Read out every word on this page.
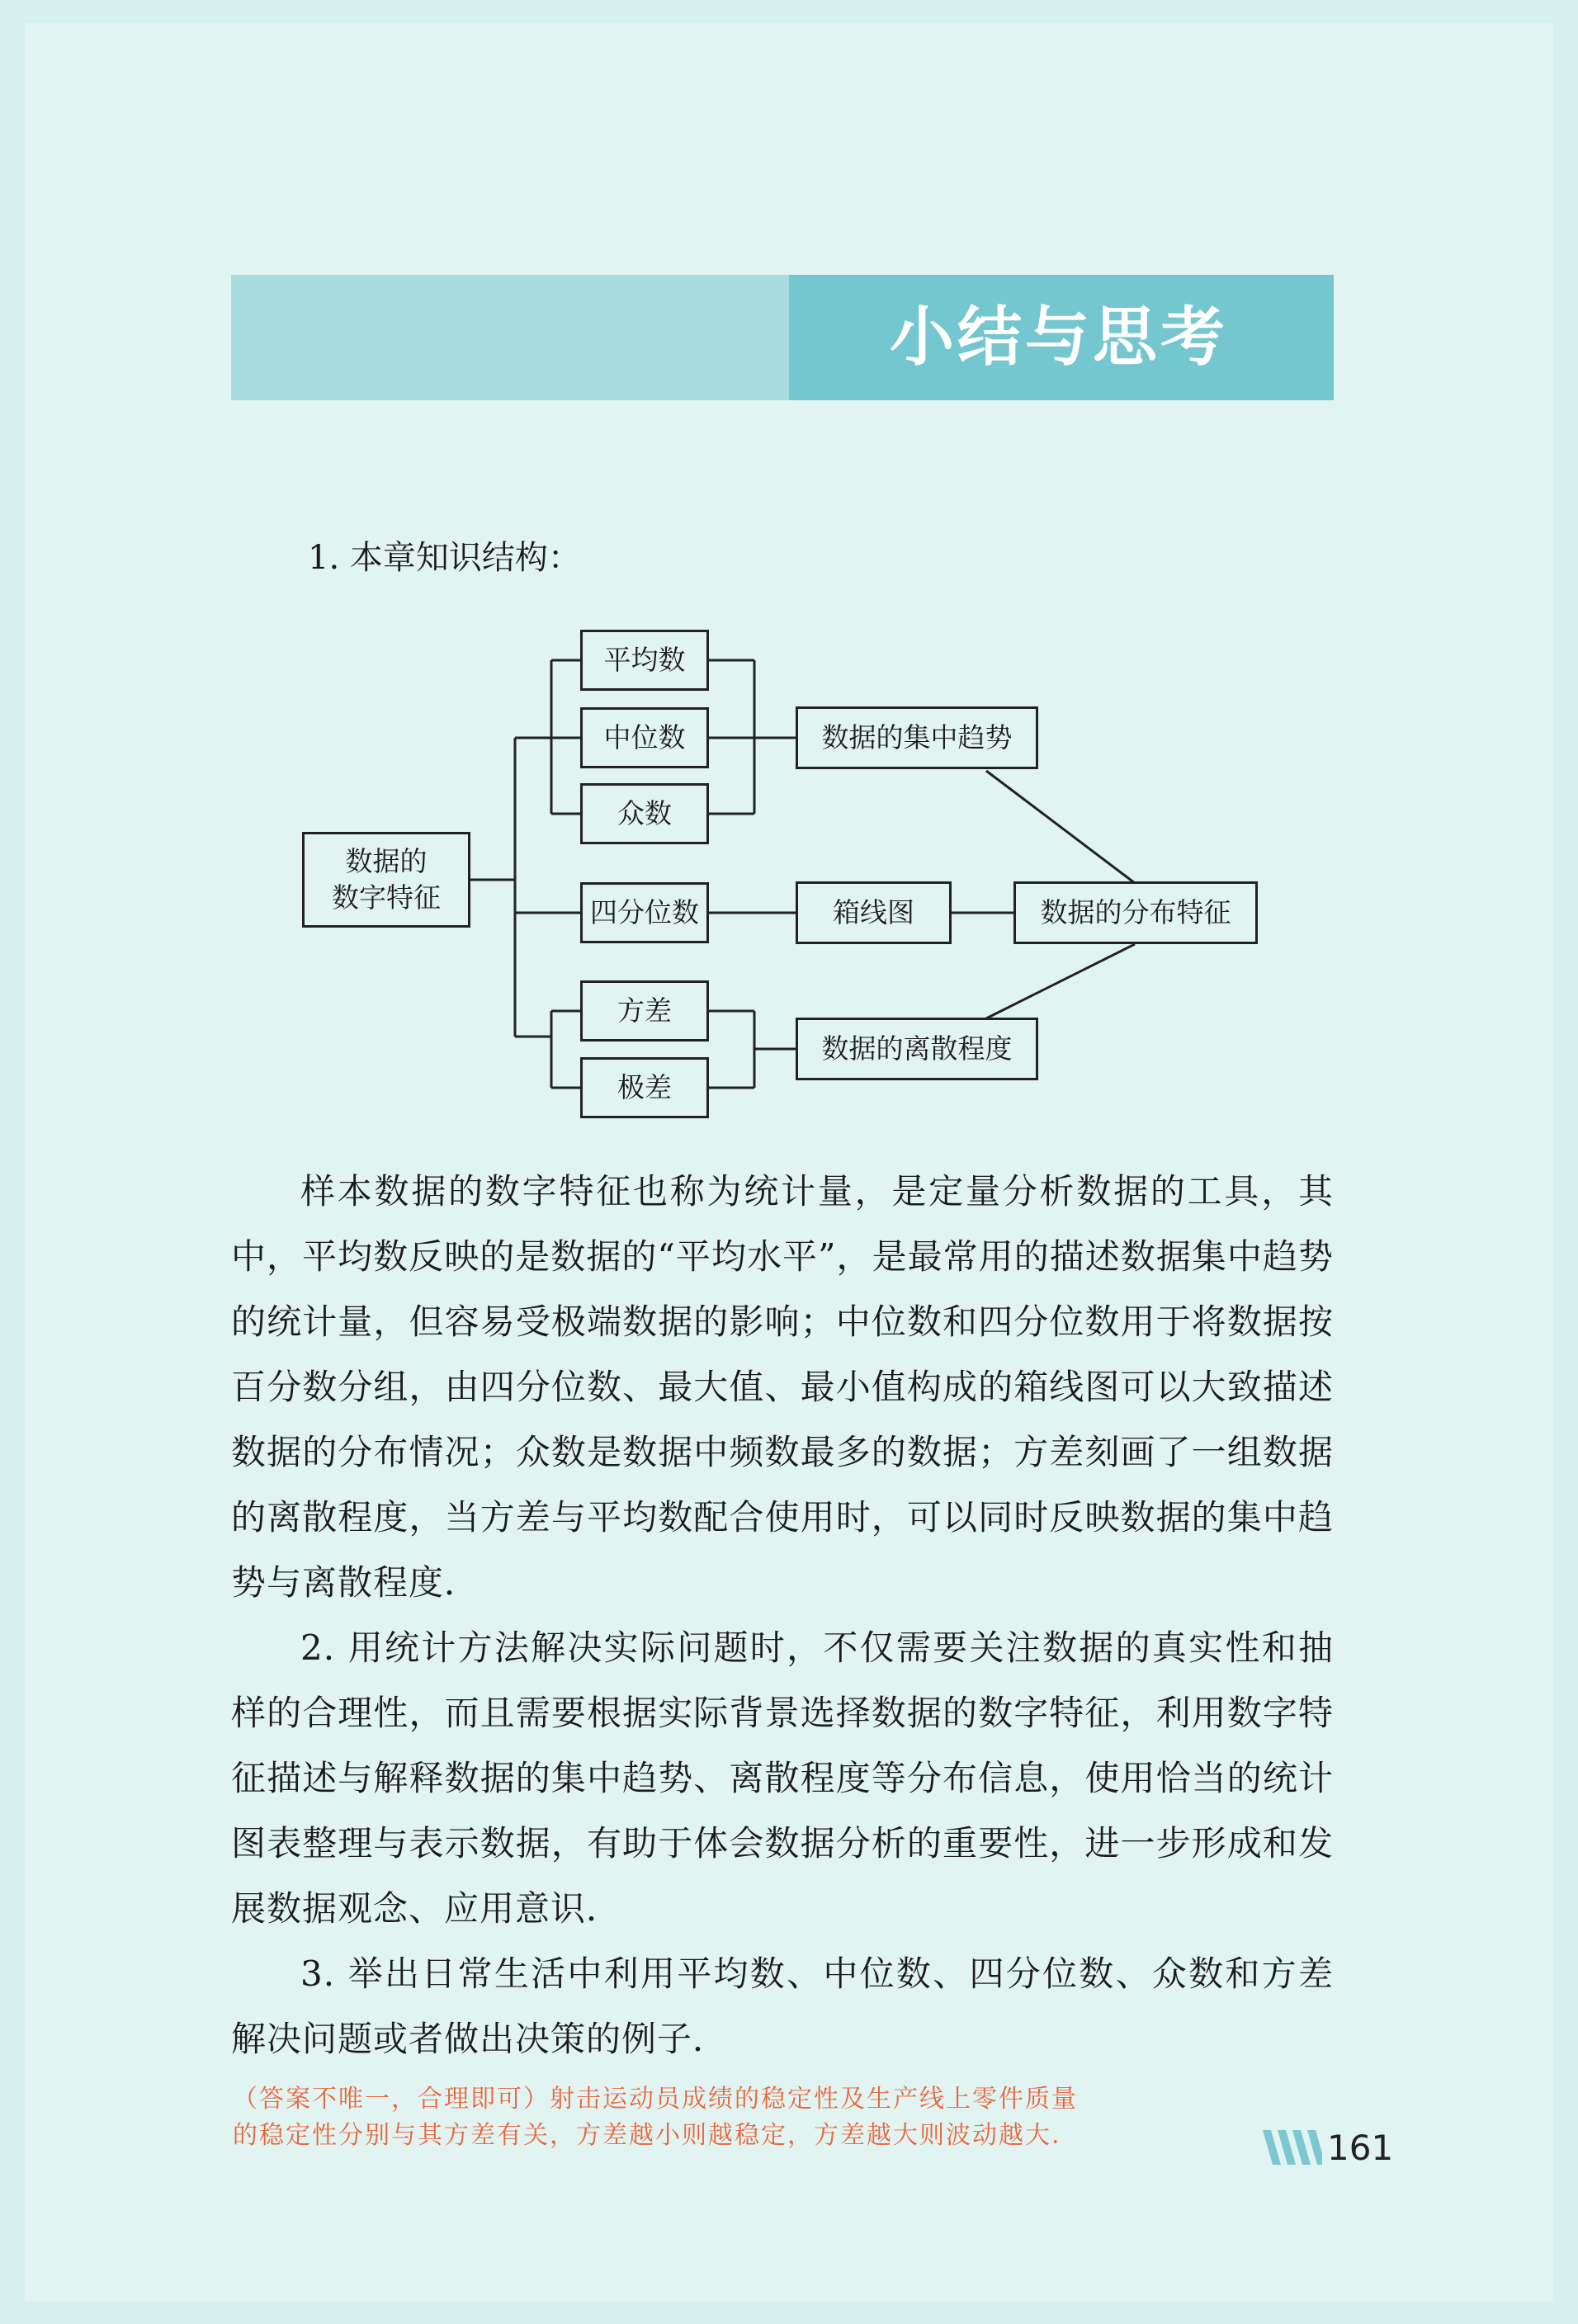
小结与思考
1. 本章知识结构：
数据的
数字特征
平均数
中位数
众数
四分位数
方差
极差
数据的集中趋势
箱线图	数据的分布特征
数据的离散程度

样本数据的数字特征也称为统计量，是定量分析数据的工具，其中，平均数反映的是数据的“平均水平”，是最常用的描述数据集中趋势的统计量，但容易受极端数据的影响；中位数和四分位数用于将数据按百分数分组，由四分位数、最大值、最小值构成的箱线图可以大致描述数据的分布情况；众数是数据中频数最多的数据；方差刻画了一组数据的离散程度，当方差与平均数配合使用时，可以同时反映数据的集中趋势与离散程度．

2. 用统计方法解决实际问题时，不仅需要关注数据的真实性和抽样的合理性，而且需要根据实际背景选择数据的数字特征，利用数字特征描述与解释数据的集中趋势、离散程度等分布信息，使用恰当的统计图表整理与表示数据，有助于体会数据分析的重要性，进一步形成和发展数据观念、应用意识．

3. 举出日常生活中利用平均数、中位数、四分位数、众数和方差解决问题或者做出决策的例子．

（答案不唯一，合理即可）射击运动员成绩的稳定性及生产线上零件质量
的稳定性分别与其方差有关，方差越小则越稳定，方差越大则波动越大.	161
